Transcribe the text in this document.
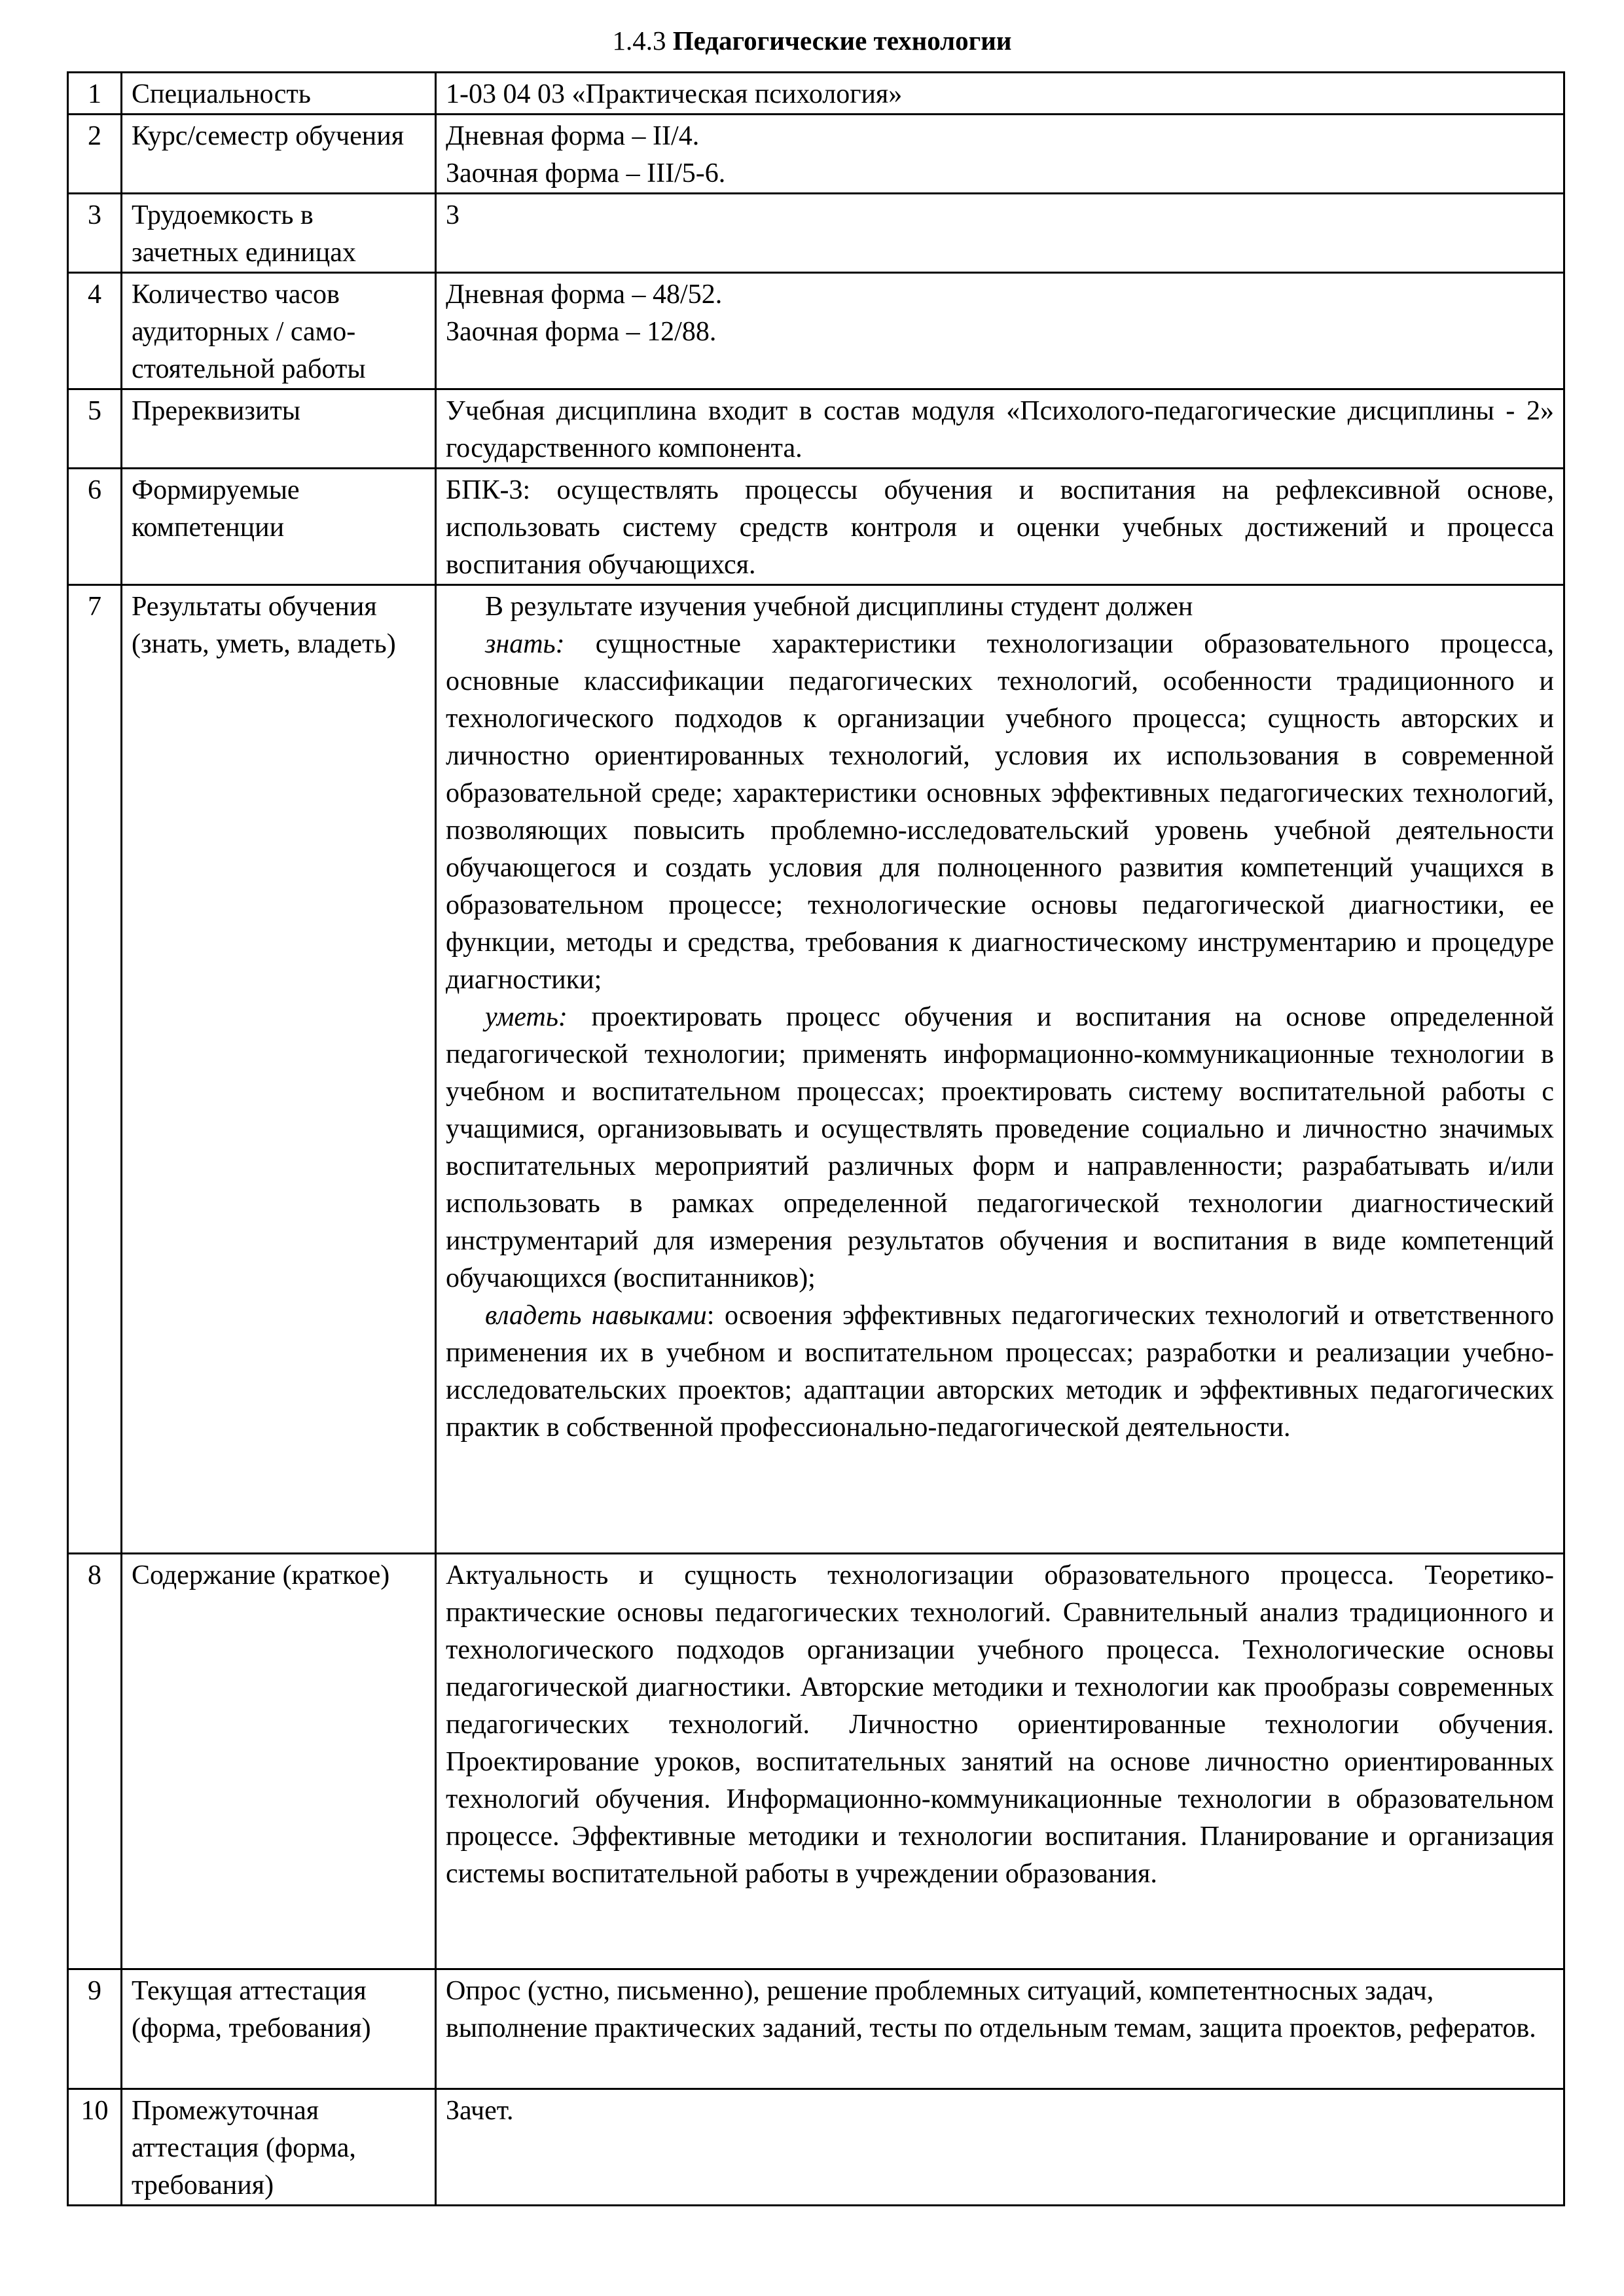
1.4.3 Педагогические технологии
1	Специальность	1-03 04 03 «Практическая психология»

2	Курс/семестр обучения	Дневная форма – II/4.
Заочная форма – III/5-6.

3	Трудоемкость в зачетных единицах	3

4	Количество часов аудиторных / само-стоятельной работы	Дневная форма – 48/52.
Заочная форма – 12/88.

5	Пререквизиты	Учебная дисциплина входит в состав модуля «Психолого-педагогические дисциплины - 2» государственного компонента.
6	Формируемые компетенции	БПК-3: осуществлять процессы обучения и воспитания на рефлексивной основе, использовать систему средств контроля и оценки учебных достижений и процесса воспитания обучающихся.
7	Результаты обучения (знать, уметь, владеть)	В результате изучения учебной дисциплины студент должен

знать: сущностные характеристики технологизации образовательного процесса, основные классификации педагогических технологий, особенности традиционного и технологического подходов к организации учебного процесса; сущность авторских и личностно ориентированных технологий, условия их использования в современной образовательной среде; характеристики основных эффективных педагогических технологий, позволяющих повысить проблемно-исследовательский уровень учебной деятельности обучающегося и создать условия для полноценного развития компетенций учащихся в образовательном процессе; технологические основы педагогической диагностики, ее функции, методы и средства, требования к диагностическому инструментарию и процедуре диагностики;

уметь: проектировать процесс обучения и воспитания на основе определенной педагогической технологии; применять информационно-коммуникационные технологии в учебном и воспитательном процессах; проектировать систему воспитательной работы с учащимися, организовывать и осуществлять проведение социально и личностно значимых воспитательных мероприятий различных форм и направленности; разрабатывать и/или использовать в рамках определенной педагогической технологии диагностический инструментарий для измерения результатов обучения и воспитания в виде компетенций обучающихся (воспитанников);

владеть навыками: освоения эффективных педагогических технологий и ответственного применения их в учебном и воспитательном процессах; разработки и реализации учебно-исследовательских проектов; адаптации авторских методик и эффективных педагогических практик в собственной профессионально-педагогической деятельности.

8	Содержание (краткое)	Актуальность и сущность технологизации образовательного процесса. Теоретико-практические основы педагогических технологий. Сравнительный анализ традиционного и технологического подходов организации учебного процесса. Технологические основы педагогической диагностики. Авторские методики и технологии как прообразы современных педагогических технологий. Личностно ориентированные технологии обучения. Проектирование уроков, воспитательных занятий на основе личностно ориентированных технологий обучения. Информационно-коммуникационные технологии в образовательном процессе. Эффективные методики и технологии воспитания. Планирование и организация системы воспитательной работы в учреждении образования.
9	Текущая аттестация (форма, требования)	Опрос (устно, письменно), решение проблемных ситуаций, компетентносных задач, выполнение практических заданий, тесты по отдельным темам, защита проектов, рефератов.
10	Промежуточная аттестация (форма, требования)	Зачет.
